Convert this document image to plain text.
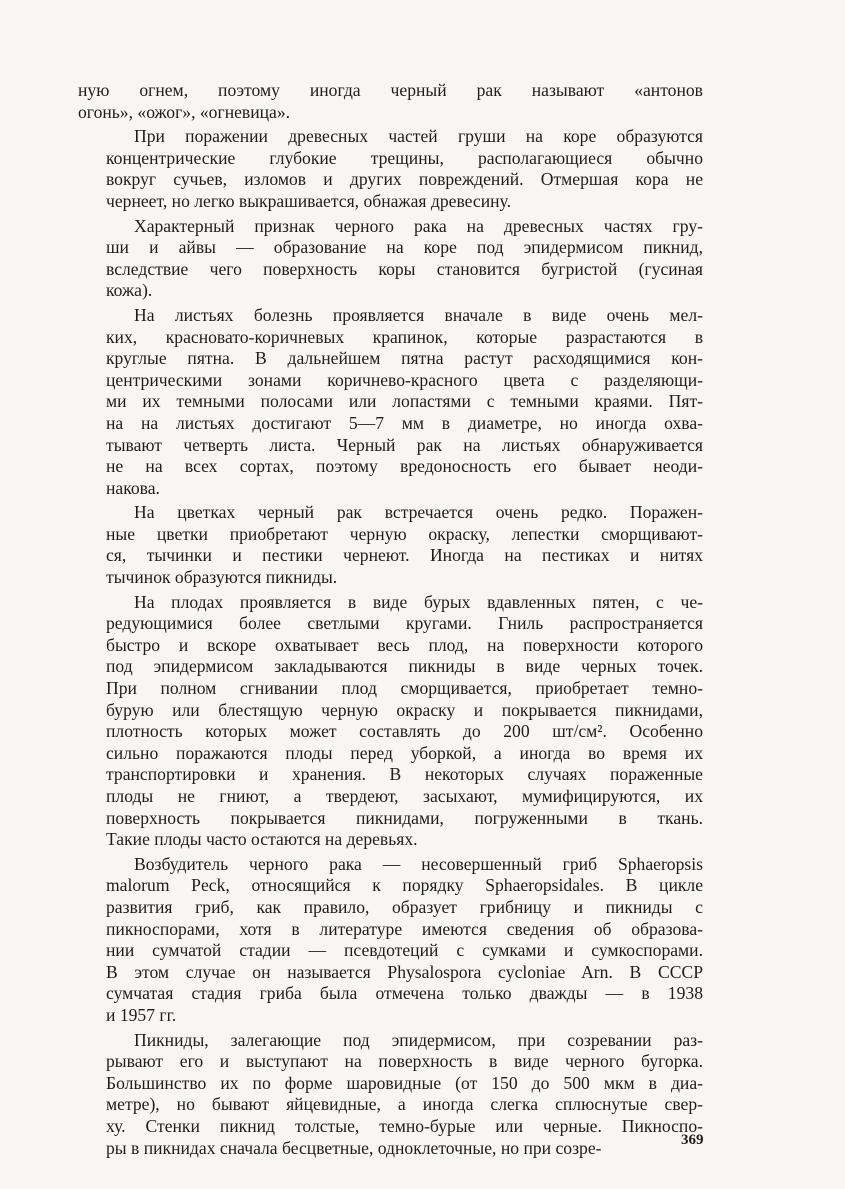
ную огнем, поэтому иногда черный рак называют «антонов
огонь», «ожог», «огневица».

При поражении древесных частей груши на коре образуются
концентрические глубокие трещины, располагающиеся обычно
вокруг сучьев, изломов и других повреждений. Отмершая кора не
чернеет, но легко выкрашивается, обнажая древесину.

Характерный признак черного рака на древесных частях гру-
ши и айвы — образование на коре под эпидермисом пикнид,
вследствие чего поверхность коры становится бугристой (гусиная
кожа).

На листьях болезнь проявляется вначале в виде очень мел-
ких, красновато-коричневых крапинок, которые разрастаются в
круглые пятна. В дальнейшем пятна растут расходящимися кон-
центрическими зонами коричнево-красного цвета с разделяющи-
ми их темными полосами или лопастями с темными краями. Пят-
на на листьях достигают 5—7 мм в диаметре, но иногда охва-
тывают четверть листа. Черный рак на листьях обнаруживается
не на всех сортах, поэтому вредоносность его бывает неоди-
накова.

На цветках черный рак встречается очень редко. Поражен-
ные цветки приобретают черную окраску, лепестки сморщивают-
ся, тычинки и пестики чернеют. Иногда на пестиках и нитях
тычинок образуются пикниды.

На плодах проявляется в виде бурых вдавленных пятен, с че-
редующимися более светлыми кругами. Гниль распространяется
быстро и вскоре охватывает весь плод, на поверхности которого
под эпидермисом закладываются пикниды в виде черных точек.
При полном сгнивании плод сморщивается, приобретает темно-
бурую или блестящую черную окраску и покрывается пикнидами,
плотность которых может составлять до 200 шт/см². Особенно
сильно поражаются плоды перед уборкой, а иногда во время их
транспортировки и хранения. В некоторых случаях пораженные
плоды не гниют, а твердеют, засыхают, мумифицируются, их
поверхность покрывается пикнидами, погруженными в ткань.
Такие плоды часто остаются на деревьях.

Возбудитель черного рака — несовершенный гриб Sphaeropsis
malorum Peck, относящийся к порядку Sphaeropsidales. В цикле
развития гриб, как правило, образует грибницу и пикниды с
пикноспорами, хотя в литературе имеются сведения об образова-
нии сумчатой стадии — псевдотеций с сумками и сумкоспорами.
В этом случае он называется Physalospora cycloniae Arn. В СССР
сумчатая стадия гриба была отмечена только дважды — в 1938
и 1957 гг.

Пикниды, залегающие под эпидермисом, при созревании раз-
рывают его и выступают на поверхность в виде черного бугорка.
Большинство их по форме шаровидные (от 150 до 500 мкм в диа-
метре), но бывают яйцевидные, а иногда слегка сплюснутые свер-
ху. Стенки пикнид толстые, темно-бурые или черные. Пикноспо-
ры в пикнидах сначала бесцветные, одноклеточные, но при созре-	369
